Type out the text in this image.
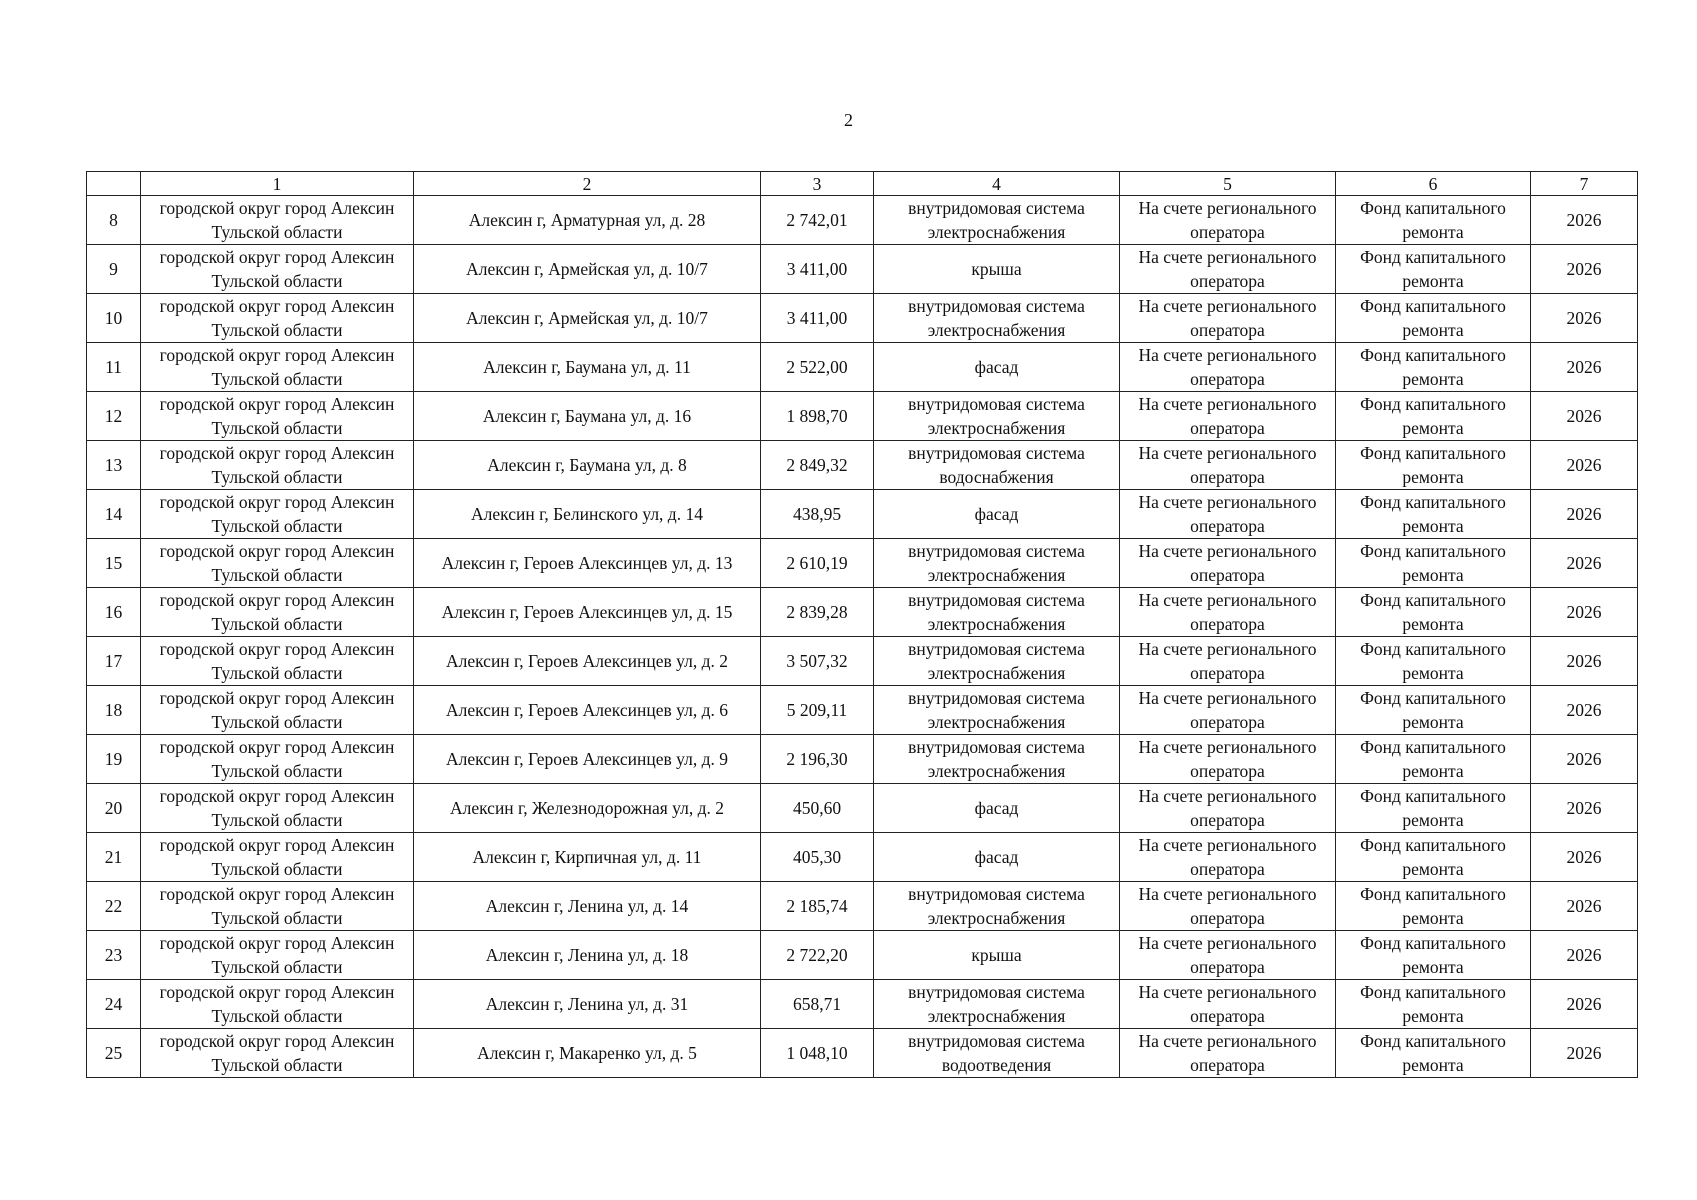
2
	1	2	3	4	5	6	7
8	городской округ город Алексин Тульской области	Алексин г, Арматурная ул, д. 28	2 742,01	внутридомовая система электроснабжения	На счете регионального оператора	Фонд капитального ремонта	2026
9	городской округ город Алексин Тульской области	Алексин г, Армейская ул, д. 10/7	3 411,00	крыша	На счете регионального оператора	Фонд капитального ремонта	2026
10	городской округ город Алексин Тульской области	Алексин г, Армейская ул, д. 10/7	3 411,00	внутридомовая система электроснабжения	На счете регионального оператора	Фонд капитального ремонта	2026
11	городской округ город Алексин Тульской области	Алексин г, Баумана ул, д. 11	2 522,00	фасад	На счете регионального оператора	Фонд капитального ремонта	2026
12	городской округ город Алексин Тульской области	Алексин г, Баумана ул, д. 16	1 898,70	внутридомовая система электроснабжения	На счете регионального оператора	Фонд капитального ремонта	2026
13	городской округ город Алексин Тульской области	Алексин г, Баумана ул, д. 8	2 849,32	внутридомовая система водоснабжения	На счете регионального оператора	Фонд капитального ремонта	2026
14	городской округ город Алексин Тульской области	Алексин г, Белинского ул, д. 14	438,95	фасад	На счете регионального оператора	Фонд капитального ремонта	2026
15	городской округ город Алексин Тульской области	Алексин г, Героев Алексинцев ул, д. 13	2 610,19	внутридомовая система электроснабжения	На счете регионального оператора	Фонд капитального ремонта	2026
16	городской округ город Алексин Тульской области	Алексин г, Героев Алексинцев ул, д. 15	2 839,28	внутридомовая система электроснабжения	На счете регионального оператора	Фонд капитального ремонта	2026
17	городской округ город Алексин Тульской области	Алексин г, Героев Алексинцев ул, д. 2	3 507,32	внутридомовая система электроснабжения	На счете регионального оператора	Фонд капитального ремонта	2026
18	городской округ город Алексин Тульской области	Алексин г, Героев Алексинцев ул, д. 6	5 209,11	внутридомовая система электроснабжения	На счете регионального оператора	Фонд капитального ремонта	2026
19	городской округ город Алексин Тульской области	Алексин г, Героев Алексинцев ул, д. 9	2 196,30	внутридомовая система электроснабжения	На счете регионального оператора	Фонд капитального ремонта	2026
20	городской округ город Алексин Тульской области	Алексин г, Железнодорожная ул, д. 2	450,60	фасад	На счете регионального оператора	Фонд капитального ремонта	2026
21	городской округ город Алексин Тульской области	Алексин г, Кирпичная ул, д. 11	405,30	фасад	На счете регионального оператора	Фонд капитального ремонта	2026
22	городской округ город Алексин Тульской области	Алексин г, Ленина ул, д. 14	2 185,74	внутридомовая система электроснабжения	На счете регионального оператора	Фонд капитального ремонта	2026
23	городской округ город Алексин Тульской области	Алексин г, Ленина ул, д. 18	2 722,20	крыша	На счете регионального оператора	Фонд капитального ремонта	2026
24	городской округ город Алексин Тульской области	Алексин г, Ленина ул, д. 31	658,71	внутридомовая система электроснабжения	На счете регионального оператора	Фонд капитального ремонта	2026
25	городской округ город Алексин Тульской области	Алексин г, Макаренко ул, д. 5	1 048,10	внутридомовая система водоотведения	На счете регионального оператора	Фонд капитального ремонта	2026
